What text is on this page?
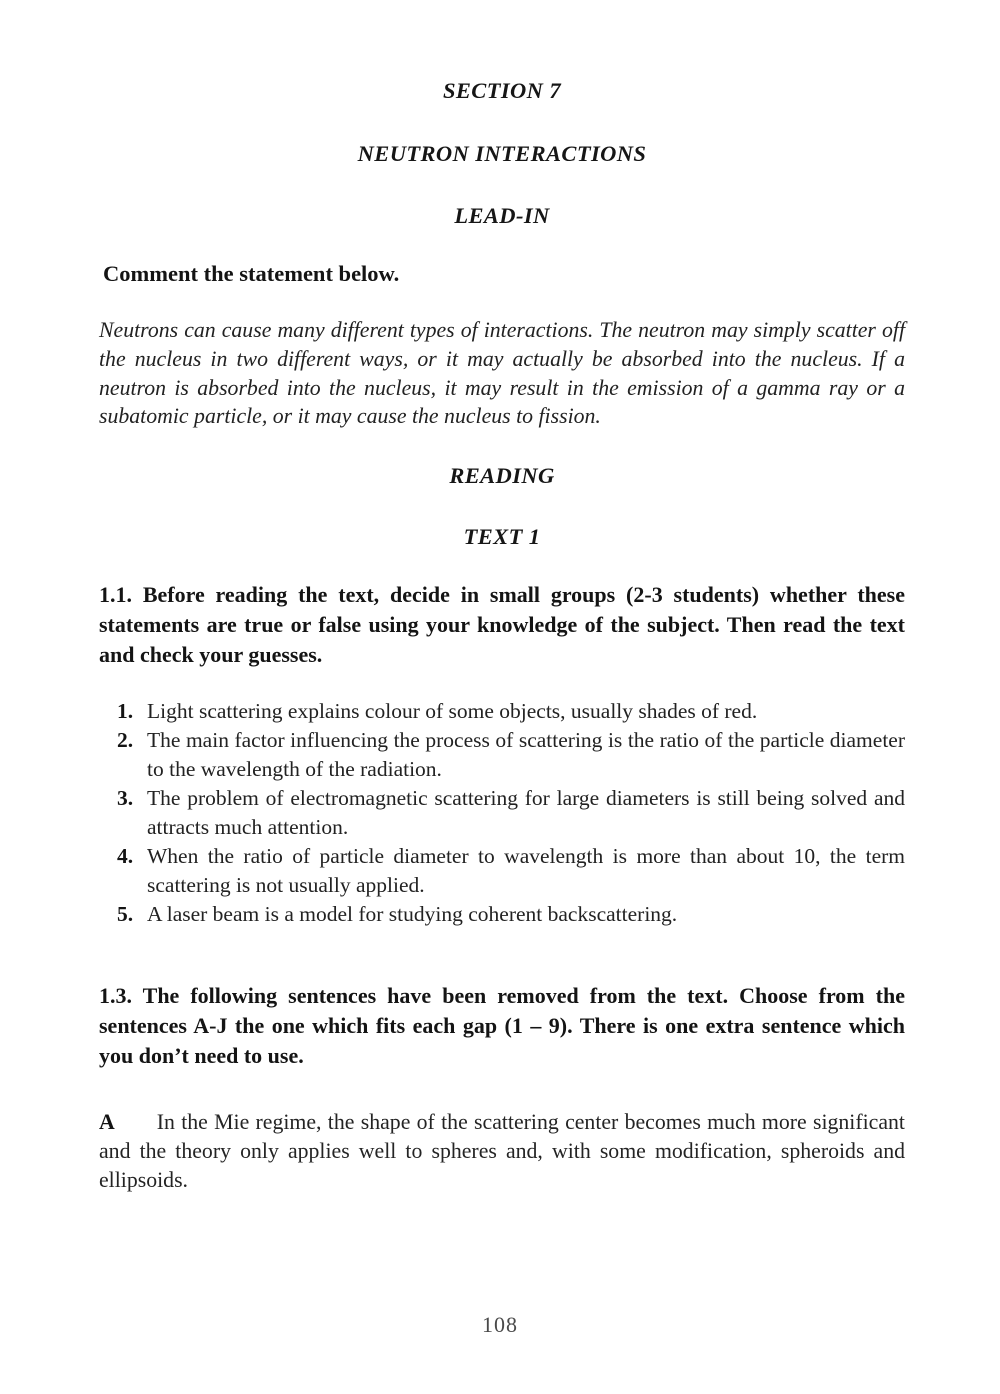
SECTION 7
NEUTRON INTERACTIONS
LEAD-IN
Comment the statement below.
Neutrons can cause many different types of interactions. The neutron may simply scatter off the nucleus in two different ways, or it may actually be absorbed into the nucleus. If a neutron is absorbed into the nucleus, it may result in the emission of a gamma ray or a subatomic particle, or it may cause the nucleus to fission.
READING
TEXT 1
1.1. Before reading the text, decide in small groups (2-3 students) whether these statements are true or false using your knowledge of the subject. Then read the text and check your guesses.
1. Light scattering explains colour of some objects, usually shades of red.
2. The main factor influencing the process of scattering is the ratio of the particle diameter to the wavelength of the radiation.
3. The problem of electromagnetic scattering for large diameters is still being solved and attracts much attention.
4. When the ratio of particle diameter to wavelength is more than about 10, the term scattering is not usually applied.
5. A laser beam is a model for studying coherent backscattering.
1.3. The following sentences have been removed from the text. Choose from the sentences A-J the one which fits each gap (1 – 9). There is one extra sentence which you don’t need to use.
A In the Mie regime, the shape of the scattering center becomes much more significant and the theory only applies well to spheres and, with some modification, spheroids and ellipsoids.
108
